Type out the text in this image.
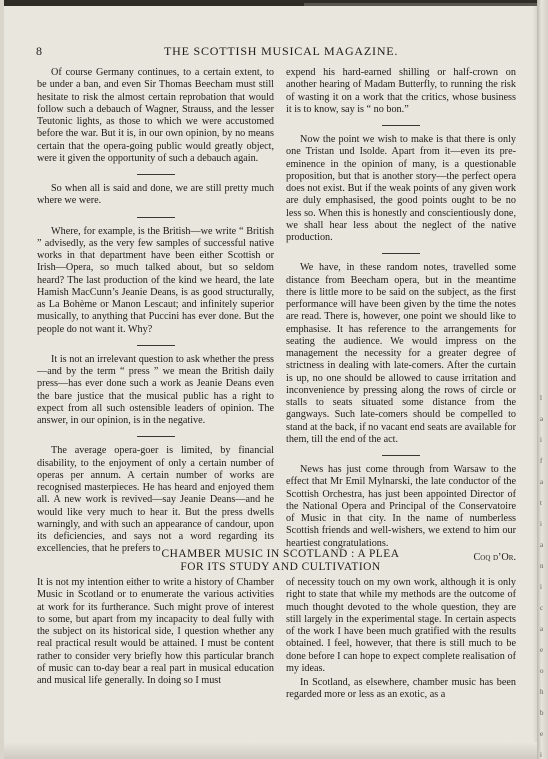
8	THE SCOTTISH MUSICAL MAGAZINE.

Of course Germany continues, to a certain extent, to be under a ban, and even Sir Thomas Beecham must still hesitate to risk the almost certain reprobation that would follow such a debauch of Wagner, Strauss, and the lesser Teutonic lights, as those to which we were accustomed before the war. But it is, in our own opinion, by no means certain that the opera-going public would greatly object, were it given the opportunity of such a debauch again.

So when all is said and done, we are still pretty much where we were.

Where, for example, is the British—we write “ British ” advisedly, as the very few samples of successful native works in that department have been either Scottish or Irish—Opera, so much talked about, but so seldom heard? The last production of the kind we heard, the late Hamish MacCunn’s Jeanie Deans, is as good structurally, as La Bohème or Manon Lescaut; and infinitely superior musically, to anything that Puccini has ever done. But the people do not want it. Why?

It is not an irrelevant question to ask whether the press—and by the term “ press ” we mean the British daily press—has ever done such a work as Jeanie Deans even the bare justice that the musical public has a right to expect from all such ostensible leaders of opinion. The answer, in our opinion, is in the negative.

The average opera-goer is limited, by financial disability, to the enjoyment of only a certain number of operas per annum. A certain number of works are recognised masterpieces. He has heard and enjoyed them all. A new work is revived—say Jeanie Deans—and he would like very much to hear it. But the press dwells warningly, and with such an appearance of candour, upon its deficiencies, and says not a word regarding its excellencies, that he prefers to

expend his hard-earned shilling or half-crown on another hearing of Madam Butterfly, to running the risk of wasting it on a work that the critics, whose business it is to know, say is “ no bon.”

Now the point we wish to make is that there is only one Tristan und Isolde. Apart from it—even its pre-eminence in the opinion of many, is a questionable proposition, but that is another story—the perfect opera does not exist. But if the weak points of any given work are duly emphasised, the good points ought to be no less so. When this is honestly and conscientiously done, we shall hear less about the neglect of the native production.

We have, in these random notes, travelled some distance from Beecham opera, but in the meantime there is little more to be said on the subject, as the first performance will have been given by the time the notes are read. There is, however, one point we should like to emphasise. It has reference to the arrangements for seating the audience. We would impress on the management the necessity for a greater degree of strictness in dealing with late-comers. After the curtain is up, no one should be allowed to cause irritation and inconvenience by pressing along the rows of circle or stalls to seats situated some distance from the gangways. Such late-comers should be compelled to stand at the back, if no vacant end seats are available for them, till the end of the act.

News has just come through from Warsaw to the effect that Mr Emil Mylnarski, the late conductor of the Scottish Orchestra, has just been appointed Director of the National Opera and Principal of the Conservatoire of Music in that city. In the name of numberless Scottish friends and well-wishers, we extend to him our heartiest congratulations.

Coq d’Or.
CHAMBER MUSIC IN SCOTLAND : A PLEA
FOR ITS STUDY AND CULTIVATION

It is not my intention either to write a history of Chamber Music in Scotland or to enumerate the various activities at work for its furtherance. Such might prove of interest to some, but apart from my incapacity to deal fully with the subject on its historical side, I question whether any real practical result would be attained. I must be content rather to consider very briefly how this particular branch of music can to-day bear a real part in musical education and musical life generally. In doing so I must

of necessity touch on my own work, although it is only right to state that while my methods are the outcome of much thought devoted to the whole question, they are still largely in the experimental stage. In certain aspects of the work I have been much gratified with the results obtained. I feel, however, that there is still much to be done before I can hope to expect complete realisation of my ideas.

In Scotland, as elsewhere, chamber music has been regarded more or less as an exotic, as a

l
a
i
f
a
t
i
a
n
i
c
a
e
o
h
b
e
i
